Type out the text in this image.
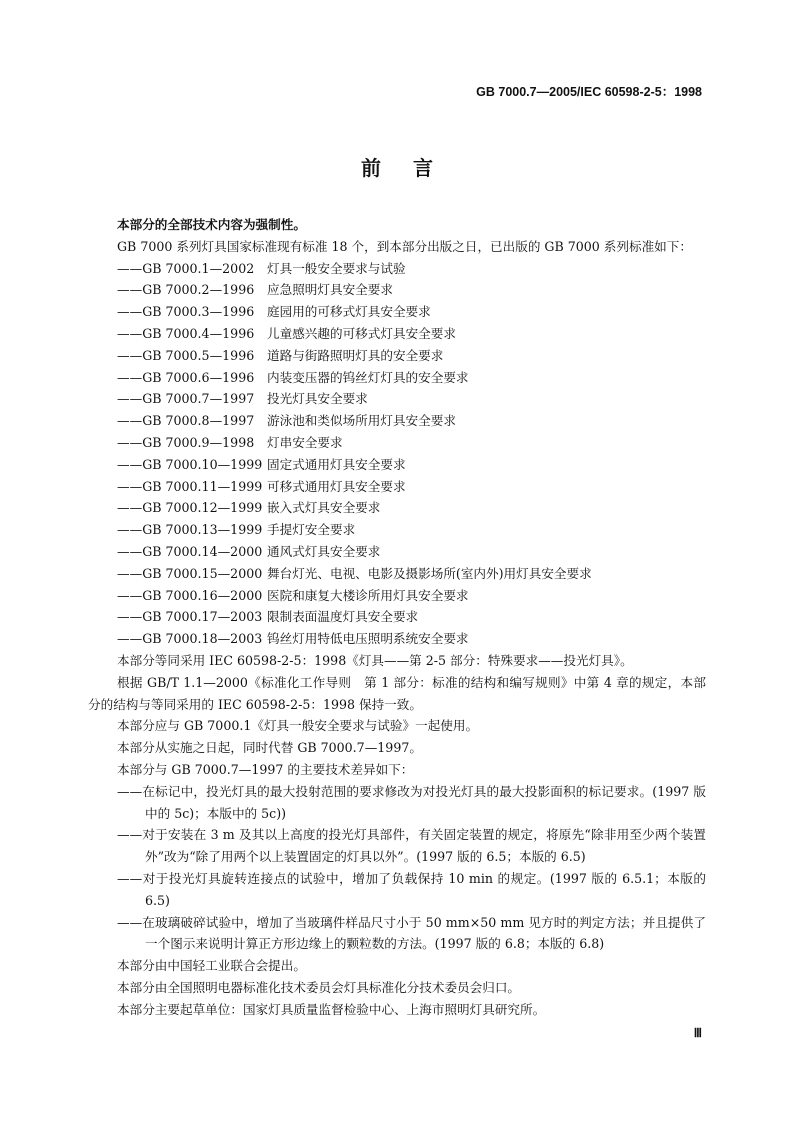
GB 7000.7—2005/IEC 60598-2-5：1998
前言

本部分的全部技术内容为强制性。

GB 7000 系列灯具国家标准现有标准 18 个，到本部分出版之日，已出版的 GB 7000 系列标准如下：

——GB 7000.1—2002 灯具一般安全要求与试验

——GB 7000.2—1996 应急照明灯具安全要求

——GB 7000.3—1996 庭园用的可移式灯具安全要求

——GB 7000.4—1996 儿童感兴趣的可移式灯具安全要求

——GB 7000.5—1996 道路与街路照明灯具的安全要求

——GB 7000.6—1996 内装变压器的钨丝灯灯具的安全要求

——GB 7000.7—1997 投光灯具安全要求

——GB 7000.8—1997 游泳池和类似场所用灯具安全要求

——GB 7000.9—1998 灯串安全要求

——GB 7000.10—1999 固定式通用灯具安全要求

——GB 7000.11—1999 可移式通用灯具安全要求

——GB 7000.12—1999 嵌入式灯具安全要求

——GB 7000.13—1999 手提灯安全要求

——GB 7000.14—2000 通风式灯具安全要求

——GB 7000.15—2000 舞台灯光、电视、电影及摄影场所(室内外)用灯具安全要求

——GB 7000.16—2000 医院和康复大楼诊所用灯具安全要求

——GB 7000.17—2003 限制表面温度灯具安全要求

——GB 7000.18—2003 钨丝灯用特低电压照明系统安全要求

本部分等同采用 IEC 60598-2-5：1998《灯具——第 2-5 部分：特殊要求——投光灯具》。

根据 GB/T 1.1—2000《标准化工作导则　第 1 部分：标准的结构和编写规则》中第 4 章的规定，本部分的结构与等同采用的 IEC 60598-2-5：1998 保持一致。

本部分应与 GB 7000.1《灯具一般安全要求与试验》一起使用。

本部分从实施之日起，同时代替 GB 7000.7—1997。

本部分与 GB 7000.7—1997 的主要技术差异如下：

——在标记中，投光灯具的最大投射范围的要求修改为对投光灯具的最大投影面积的标记要求。(1997 版中的 5c)；本版中的 5c))

——对于安装在 3 m 及其以上高度的投光灯具部件，有关固定装置的规定，将原先“除非用至少两个装置外”改为“除了用两个以上装置固定的灯具以外”。(1997 版的 6.5；本版的 6.5)

——对于投光灯具旋转连接点的试验中，增加了负载保持 10 min 的规定。(1997 版的 6.5.1；本版的 6.5)

——在玻璃破碎试验中，增加了当玻璃件样品尺寸小于 50 mm×50 mm 见方时的判定方法；并且提供了一个图示来说明计算正方形边缘上的颗粒数的方法。(1997 版的 6.8；本版的 6.8)

本部分由中国轻工业联合会提出。

本部分由全国照明电器标准化技术委员会灯具标准化分技术委员会归口。

本部分主要起草单位：国家灯具质量监督检验中心、上海市照明灯具研究所。

Ⅲ
